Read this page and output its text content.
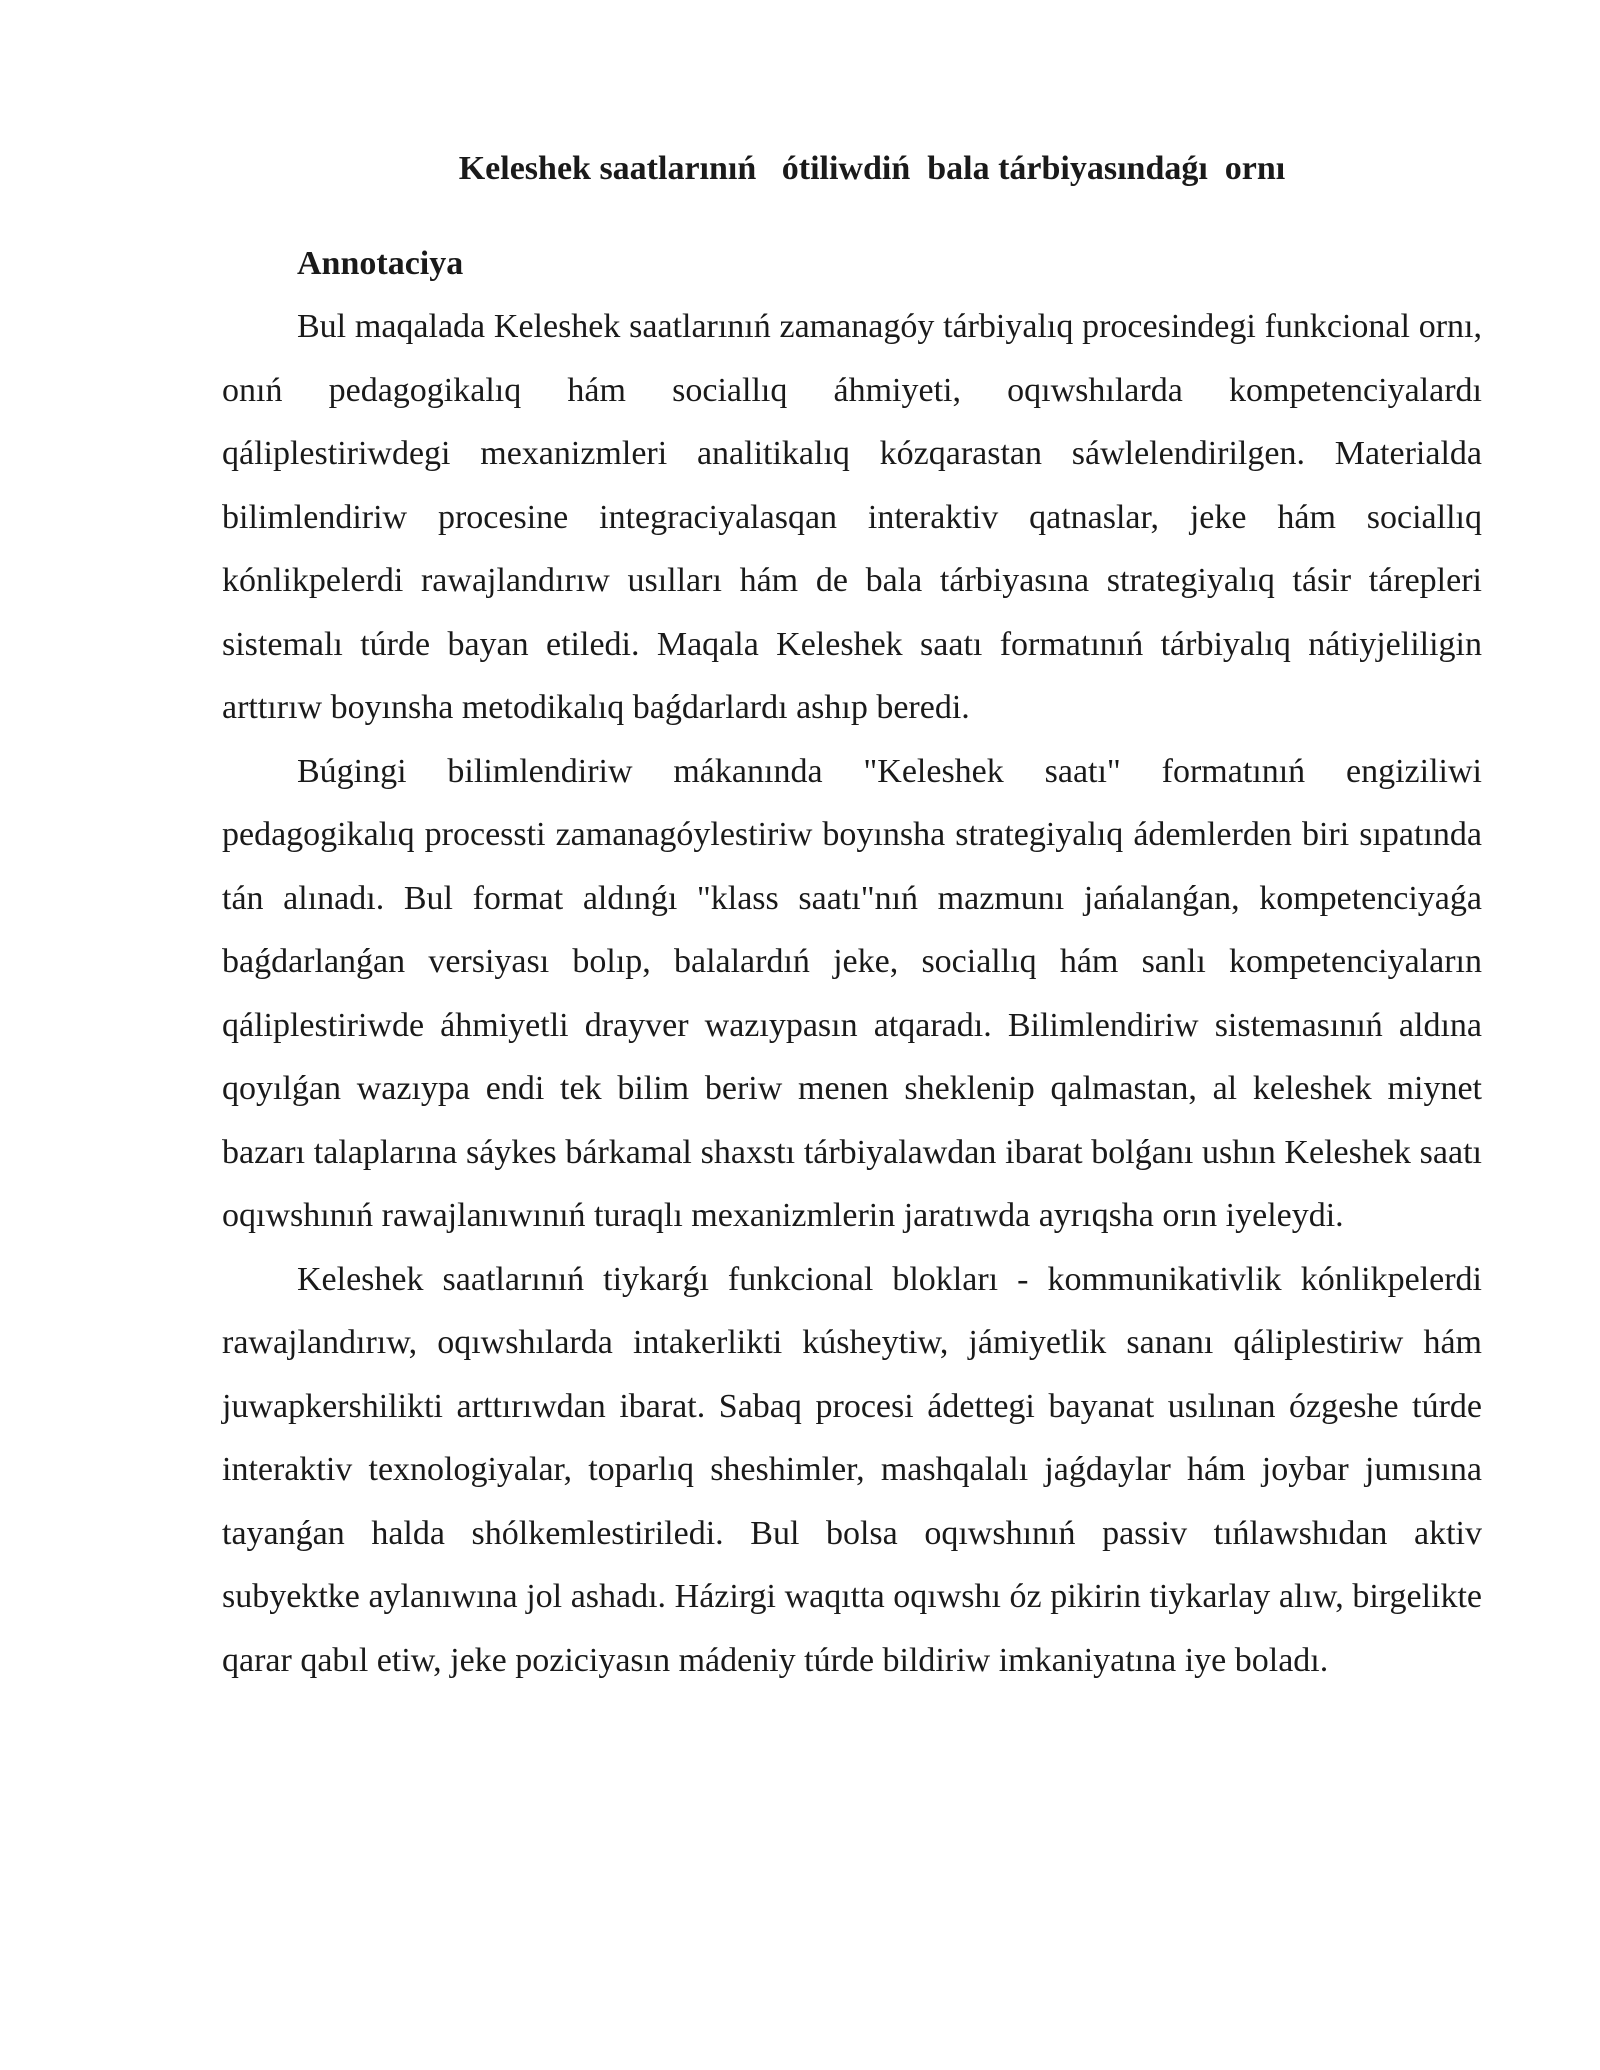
Keleshek saatlarınıń   ótiliwdiń  bala tárbiyasındaǵı  ornı
Annotaciya

Bul maqalada Keleshek saatlarınıń zamanagóy tárbiyalıq procesindegi funkcional ornı, onıń pedagogikalıq hám sociallıq áhmiyeti, oqıwshılarda kompetenciyalardı qáliplestiriwdegi mexanizmleri analitikalıq kózqarastan sáwlelendirilgen. Materialda bilimlendiriw procesine integraciyalasqan interaktiv qatnaslar, jeke hám sociallıq kónlikpelerdi rawajlandırıw usılları hám de bala tárbiyasına strategiyalıq tásir tárepleri sistemalı túrde bayan etiledi. Maqala Keleshek saatı formatınıń tárbiyalıq nátiyjeliligin arttırıw boyınsha metodikalıq baǵdarlardı ashıp beredi.

Búgingi bilimlendiriw mákanında "Keleshek saatı" formatınıń engiziliwi pedagogikalıq processti zamanagóylestiriw boyınsha strategiyalıq ádemlerden biri sıpatında tán alınadı. Bul format aldınǵı "klass saatı"nıń mazmunı jańalanǵan, kompetenciyaǵa baǵdarlanǵan versiyası bolıp, balalardıń jeke, sociallıq hám sanlı kompetenciyaların qáliplestiriwde áhmiyetli drayver wazıypasın atqaradı. Bilimlendiriw sistemasınıń aldına qoyılǵan wazıypa endi tek bilim beriw menen sheklenip qalmastan, al keleshek miynet bazarı talaplarına sáykes bárkamal shaxstı tárbiyalawdan ibarat bolǵanı ushın Keleshek saatı oqıwshınıń rawajlanıwınıń turaqlı mexanizmlerin jaratıwda ayrıqsha orın iyeleydi.

Keleshek saatlarınıń tiykarǵı funkcional blokları - kommunikativlik kónlikpelerdi rawajlandırıw, oqıwshılarda intakerlikti kúsheytiw, jámiyetlik sananı qáliplestiriw hám juwapkershilikti arttırıwdan ibarat. Sabaq procesi ádettegi bayanat usılınan ózgeshe túrde interaktiv texnologiyalar, toparlıq sheshimler, mashqalalı jaǵdaylar hám joybar jumısına tayanǵan halda shólkemlestiriledi. Bul bolsa oqıwshınıń passiv tıńlawshıdan aktiv subyektke aylanıwına jol ashadı. Házirgi waqıtta oqıwshı óz pikirin tiykarlay alıw, birgelikte qarar qabıl etiw, jeke poziciyasın mádeniy túrde bildiriw imkaniyatına iye boladı.
